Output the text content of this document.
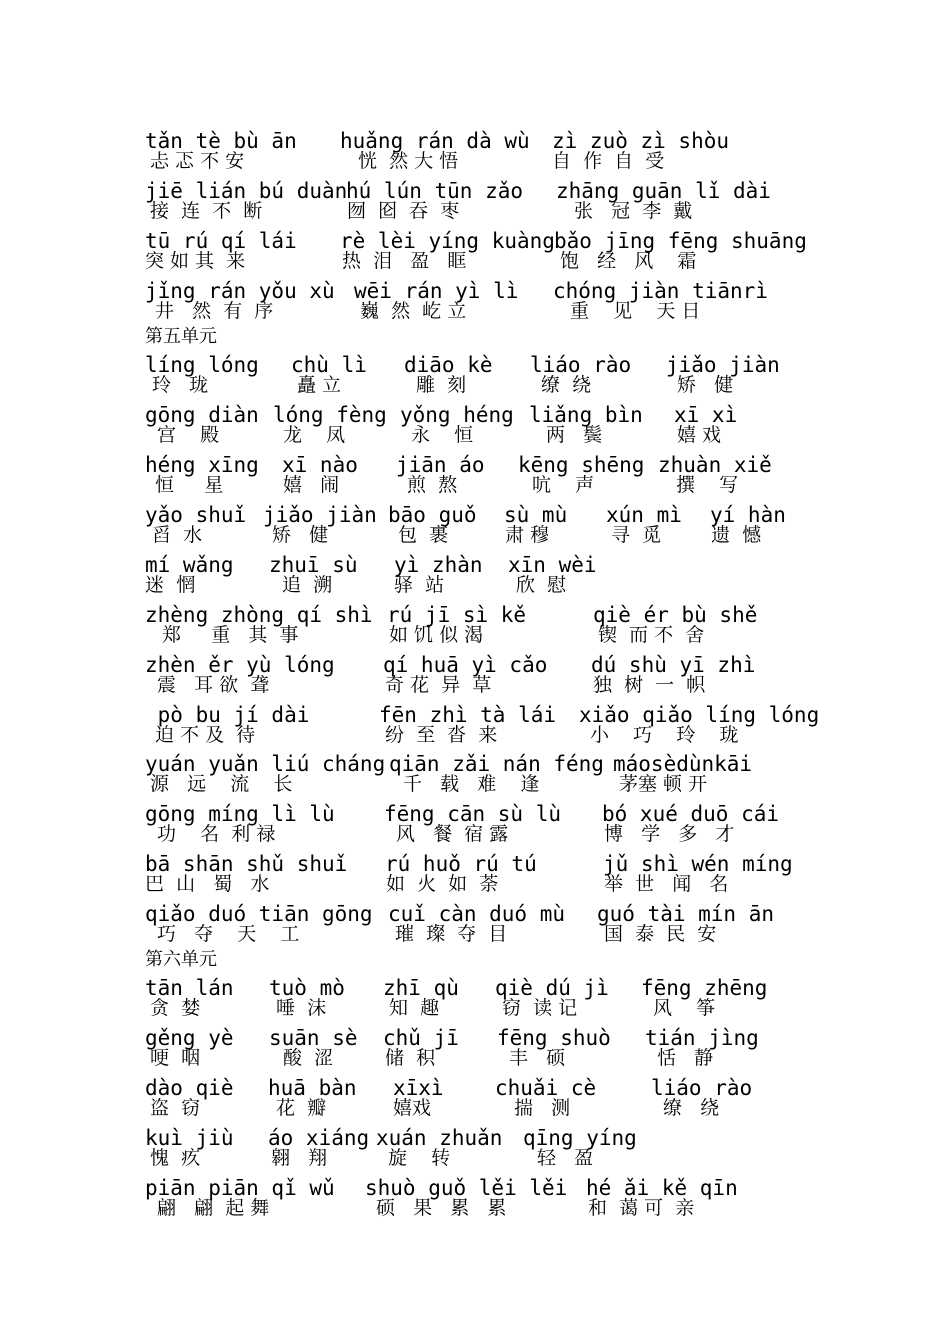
tǎn tè bù ān
忐 忑 不 安
huǎng rán dà wù
恍  然 大 悟
zì zuò zì shòu
自  作  自  受
jiē lián bú duàn
接  连  不  断
hú lún tūn zǎo
囫  囵  吞  枣
zhāng guān lǐ dài
张   冠  李  戴
tū rú qí lái
突 如 其  来
rè lèi yíng kuàng
热  泪   盈   眶
bǎo jīng fēng shuāng
饱   经   风    霜
jǐng rán yǒu xù
井   然  有  序
wēi rán yì lì
巍  然  屹 立
chóng jiàn tiānrì
重    见    天 日
第五单元
líng lóng
玲   珑
chù lì
矗 立
diāo kè
雕  刻
liáo rào
缭  绕
jiǎo jiàn
矫   健
gōng diàn
宫    殿
lóng fèng
龙    凤
yǒng héng
永    恒
liǎng bìn
两   鬓
xī xì
嬉 戏
héng xīng
恒     星
xī nào
嬉   闹
jiān áo
煎  熬
kēng shēng
吭    声
zhuàn xiě
撰    写
yǎo shuǐ
舀  水
jiǎo jiàn
矫   健
bāo guǒ
包  裹
sù mù
肃 穆
xún mì
寻  觅
yí hàn
遗  憾
mí wǎng
迷  惘
zhuī sù
追  溯
yì zhàn
驿  站
xīn wèi
欣  慰
zhèng zhòng qí shì
郑     重   其  事
rú jī sì kě
如 饥 似 渴
qiè ér bù shě
锲  而 不  舍
zhèn ěr yù lóng
震   耳 欲  聋
qí huā yì cǎo
奇 花  异  草
dú shù yī zhì
独  树  一  帜
pò bu jí dài
迫 不 及  待
fēn zhì tà lái
纷  至  沓  来
xiǎo qiǎo líng lóng
小    巧    玲    珑
yuán yuǎn liú cháng
源   远    流    长
qiān zǎi nán féng
千   载   难    逢
máosèdùnkāi
茅塞 顿 开
gōng míng lì lù
功    名  利 禄
fēng cān sù lù
风   餐  宿 露
bó xué duō cái
博   学   多   才
bā shān shǔ shuǐ
巴  山   蜀   水
rú huǒ rú tú
如  火  如  荼
jǔ shì wén míng
举  世   闻   名
qiǎo duó tiān gōng
巧   夺    天    工
cuǐ càn duó mù
璀  璨  夺  目
guó tài mín ān
国  泰  民  安
第六单元
tān lán
贪  婪
tuò mò
唾  沫
zhī qù
知  趣
qiè dú jì
窃  读 记
fēng zhēng
风    筝
gěng yè
哽  咽
suān sè
酸  涩
chǔ jī
储  积
fēng shuò
丰   硕
tián jìng
恬   静
dào qiè
盗  窃
huā bàn
花  瓣
xīxì
嬉戏
chuǎi cè
揣   测
liáo rào
缭   绕
kuì jiù
愧  疚
áo xiáng
翱   翔
xuán zhuǎn
旋    转
qīng yíng
轻   盈
piān piān qǐ wǔ
翩   翩  起 舞
shuò guǒ lěi lěi
硕   果   累   累
hé ǎi kě qīn
和  蔼 可  亲
